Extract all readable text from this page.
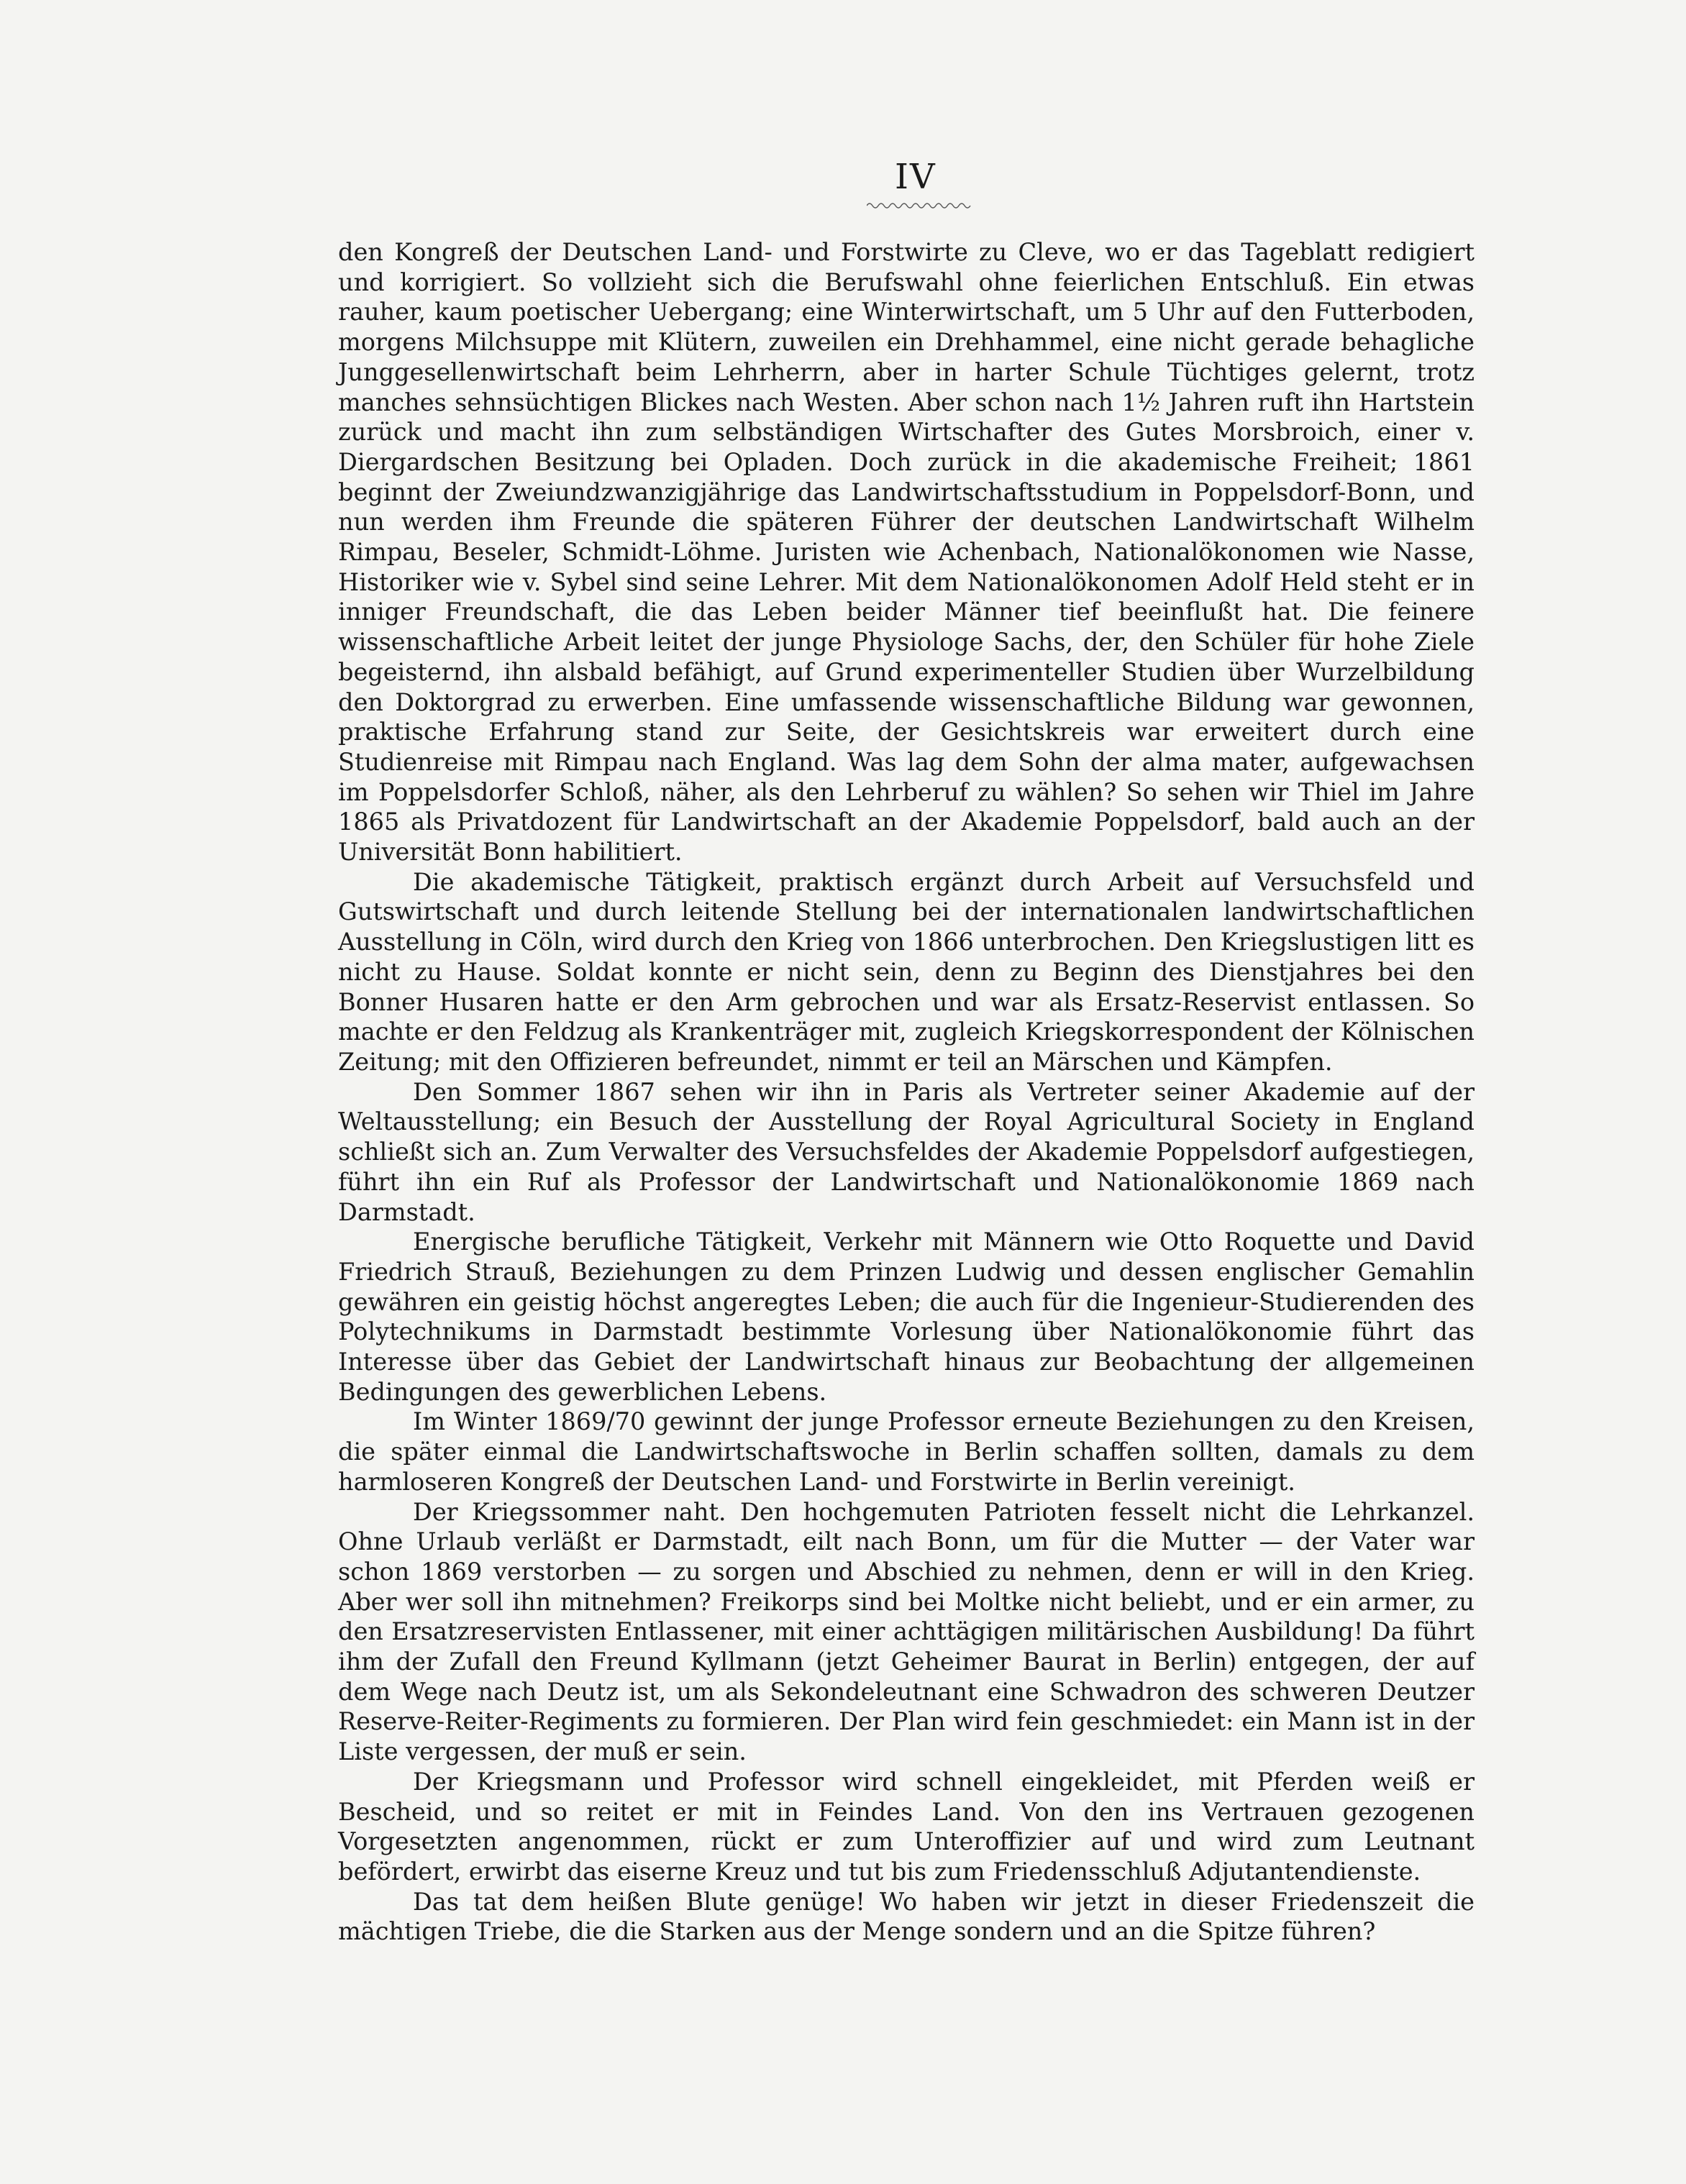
IV

den Kongreß der Deutschen Land- und Forstwirte zu Cleve, wo er das Tageblatt redigiert und korrigiert. So vollzieht sich die Berufswahl ohne feierlichen Entschluß. Ein etwas rauher, kaum poetischer Uebergang; eine Winterwirtschaft, um 5 Uhr auf den Futterboden, morgens Milchsuppe mit Klütern, zuweilen ein Drehhammel, eine nicht gerade behagliche Junggesellenwirtschaft beim Lehrherrn, aber in harter Schule Tüchtiges gelernt, trotz manches sehnsüchtigen Blickes nach Westen. Aber schon nach 1½ Jahren ruft ihn Hartstein zurück und macht ihn zum selbständigen Wirtschafter des Gutes Morsbroich, einer v. Diergardschen Besitzung bei Opladen. Doch zurück in die akademische Freiheit; 1861 beginnt der Zweiundzwanzigjährige das Landwirtschaftsstudium in Poppelsdorf-Bonn, und nun werden ihm Freunde die späteren Führer der deutschen Landwirtschaft Wilhelm Rimpau, Beseler, Schmidt-Löhme. Juristen wie Achenbach, Nationalökonomen wie Nasse, Historiker wie v. Sybel sind seine Lehrer. Mit dem Nationalökonomen Adolf Held steht er in inniger Freundschaft, die das Leben beider Männer tief beeinflußt hat. Die feinere wissenschaftliche Arbeit leitet der junge Physiologe Sachs, der, den Schüler für hohe Ziele begeisternd, ihn alsbald befähigt, auf Grund experimenteller Studien über Wurzelbildung den Doktorgrad zu erwerben. Eine umfassende wissenschaftliche Bildung war gewonnen, praktische Erfahrung stand zur Seite, der Gesichtskreis war erweitert durch eine Studienreise mit Rimpau nach England. Was lag dem Sohn der alma mater, aufgewachsen im Poppelsdorfer Schloß, näher, als den Lehrberuf zu wählen? So sehen wir Thiel im Jahre 1865 als Privatdozent für Landwirtschaft an der Akademie Poppelsdorf, bald auch an der Universität Bonn habilitiert.

Die akademische Tätigkeit, praktisch ergänzt durch Arbeit auf Versuchsfeld und Gutswirtschaft und durch leitende Stellung bei der internationalen landwirtschaftlichen Ausstellung in Cöln, wird durch den Krieg von 1866 unterbrochen. Den Kriegslustigen litt es nicht zu Hause. Soldat konnte er nicht sein, denn zu Beginn des Dienstjahres bei den Bonner Husaren hatte er den Arm gebrochen und war als Ersatz-Reservist entlassen. So machte er den Feldzug als Krankenträger mit, zugleich Kriegskorrespondent der Kölnischen Zeitung; mit den Offizieren befreundet, nimmt er teil an Märschen und Kämpfen.

Den Sommer 1867 sehen wir ihn in Paris als Vertreter seiner Akademie auf der Weltausstellung; ein Besuch der Ausstellung der Royal Agricultural Society in England schließt sich an. Zum Verwalter des Versuchsfeldes der Akademie Poppelsdorf aufgestiegen, führt ihn ein Ruf als Professor der Landwirtschaft und Nationalökonomie 1869 nach Darmstadt.

Energische berufliche Tätigkeit, Verkehr mit Männern wie Otto Roquette und David Friedrich Strauß, Beziehungen zu dem Prinzen Ludwig und dessen englischer Gemahlin gewähren ein geistig höchst angeregtes Leben; die auch für die Ingenieur-Studierenden des Polytechnikums in Darmstadt bestimmte Vorlesung über Nationalökonomie führt das Interesse über das Gebiet der Landwirtschaft hinaus zur Beobachtung der allgemeinen Bedingungen des gewerblichen Lebens.

Im Winter 1869/70 gewinnt der junge Professor erneute Beziehungen zu den Kreisen, die später einmal die Landwirtschaftswoche in Berlin schaffen sollten, damals zu dem harmloseren Kongreß der Deutschen Land- und Forstwirte in Berlin vereinigt.

Der Kriegssommer naht. Den hochgemuten Patrioten fesselt nicht die Lehrkanzel. Ohne Urlaub verläßt er Darmstadt, eilt nach Bonn, um für die Mutter — der Vater war schon 1869 verstorben — zu sorgen und Abschied zu nehmen, denn er will in den Krieg. Aber wer soll ihn mitnehmen? Freikorps sind bei Moltke nicht beliebt, und er ein armer, zu den Ersatzreservisten Entlassener, mit einer achttägigen militärischen Ausbildung! Da führt ihm der Zufall den Freund Kyllmann (jetzt Geheimer Baurat in Berlin) entgegen, der auf dem Wege nach Deutz ist, um als Sekondeleutnant eine Schwadron des schweren Deutzer Reserve-Reiter-Regiments zu formieren. Der Plan wird fein geschmiedet: ein Mann ist in der Liste vergessen, der muß er sein.

Der Kriegsmann und Professor wird schnell eingekleidet, mit Pferden weiß er Bescheid, und so reitet er mit in Feindes Land. Von den ins Vertrauen gezogenen Vorgesetzten angenommen, rückt er zum Unteroffizier auf und wird zum Leutnant befördert, erwirbt das eiserne Kreuz und tut bis zum Friedensschluß Adjutantendienste.

Das tat dem heißen Blute genüge! Wo haben wir jetzt in dieser Friedenszeit die mächtigen Triebe, die die Starken aus der Menge sondern und an die Spitze führen?
